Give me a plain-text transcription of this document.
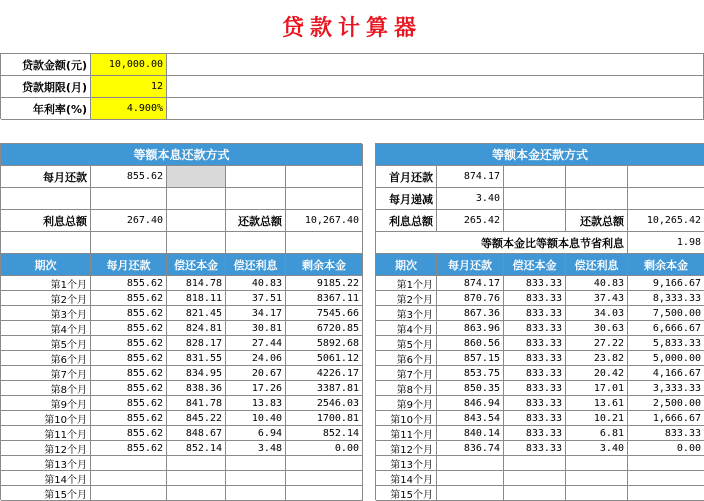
贷款计算器
贷款金额(元)	10,000.00
贷款期限(月)	12
年利率(%)	4.900%
等额本息还款方式
每月还款	855.62
利息总额	267.40	还款总额	10,267.40
期次	每月还款	偿还本金	偿还利息	剩余本金
第1个月	855.62	814.78	40.83	9185.22
第2个月	855.62	818.11	37.51	8367.11
第3个月	855.62	821.45	34.17	7545.66
第4个月	855.62	824.81	30.81	6720.85
第5个月	855.62	828.17	27.44	5892.68
第6个月	855.62	831.55	24.06	5061.12
第7个月	855.62	834.95	20.67	4226.17
第8个月	855.62	838.36	17.26	3387.81
第9个月	855.62	841.78	13.83	2546.03
第10个月	855.62	845.22	10.40	1700.81
第11个月	855.62	848.67	6.94	852.14
第12个月	855.62	852.14	3.48	0.00
第13个月
第14个月
第15个月
等额本金还款方式
首月还款	874.17
每月递减	3.40
利息总额	265.42	还款总额	10,265.42
等额本金比等额本息节省利息	1.98
期次	每月还款	偿还本金	偿还利息	剩余本金
第1个月	874.17	833.33	40.83	9,166.67
第2个月	870.76	833.33	37.43	8,333.33
第3个月	867.36	833.33	34.03	7,500.00
第4个月	863.96	833.33	30.63	6,666.67
第5个月	860.56	833.33	27.22	5,833.33
第6个月	857.15	833.33	23.82	5,000.00
第7个月	853.75	833.33	20.42	4,166.67
第8个月	850.35	833.33	17.01	3,333.33
第9个月	846.94	833.33	13.61	2,500.00
第10个月	843.54	833.33	10.21	1,666.67
第11个月	840.14	833.33	6.81	833.33
第12个月	836.74	833.33	3.40	0.00
第13个月
第14个月
第15个月
